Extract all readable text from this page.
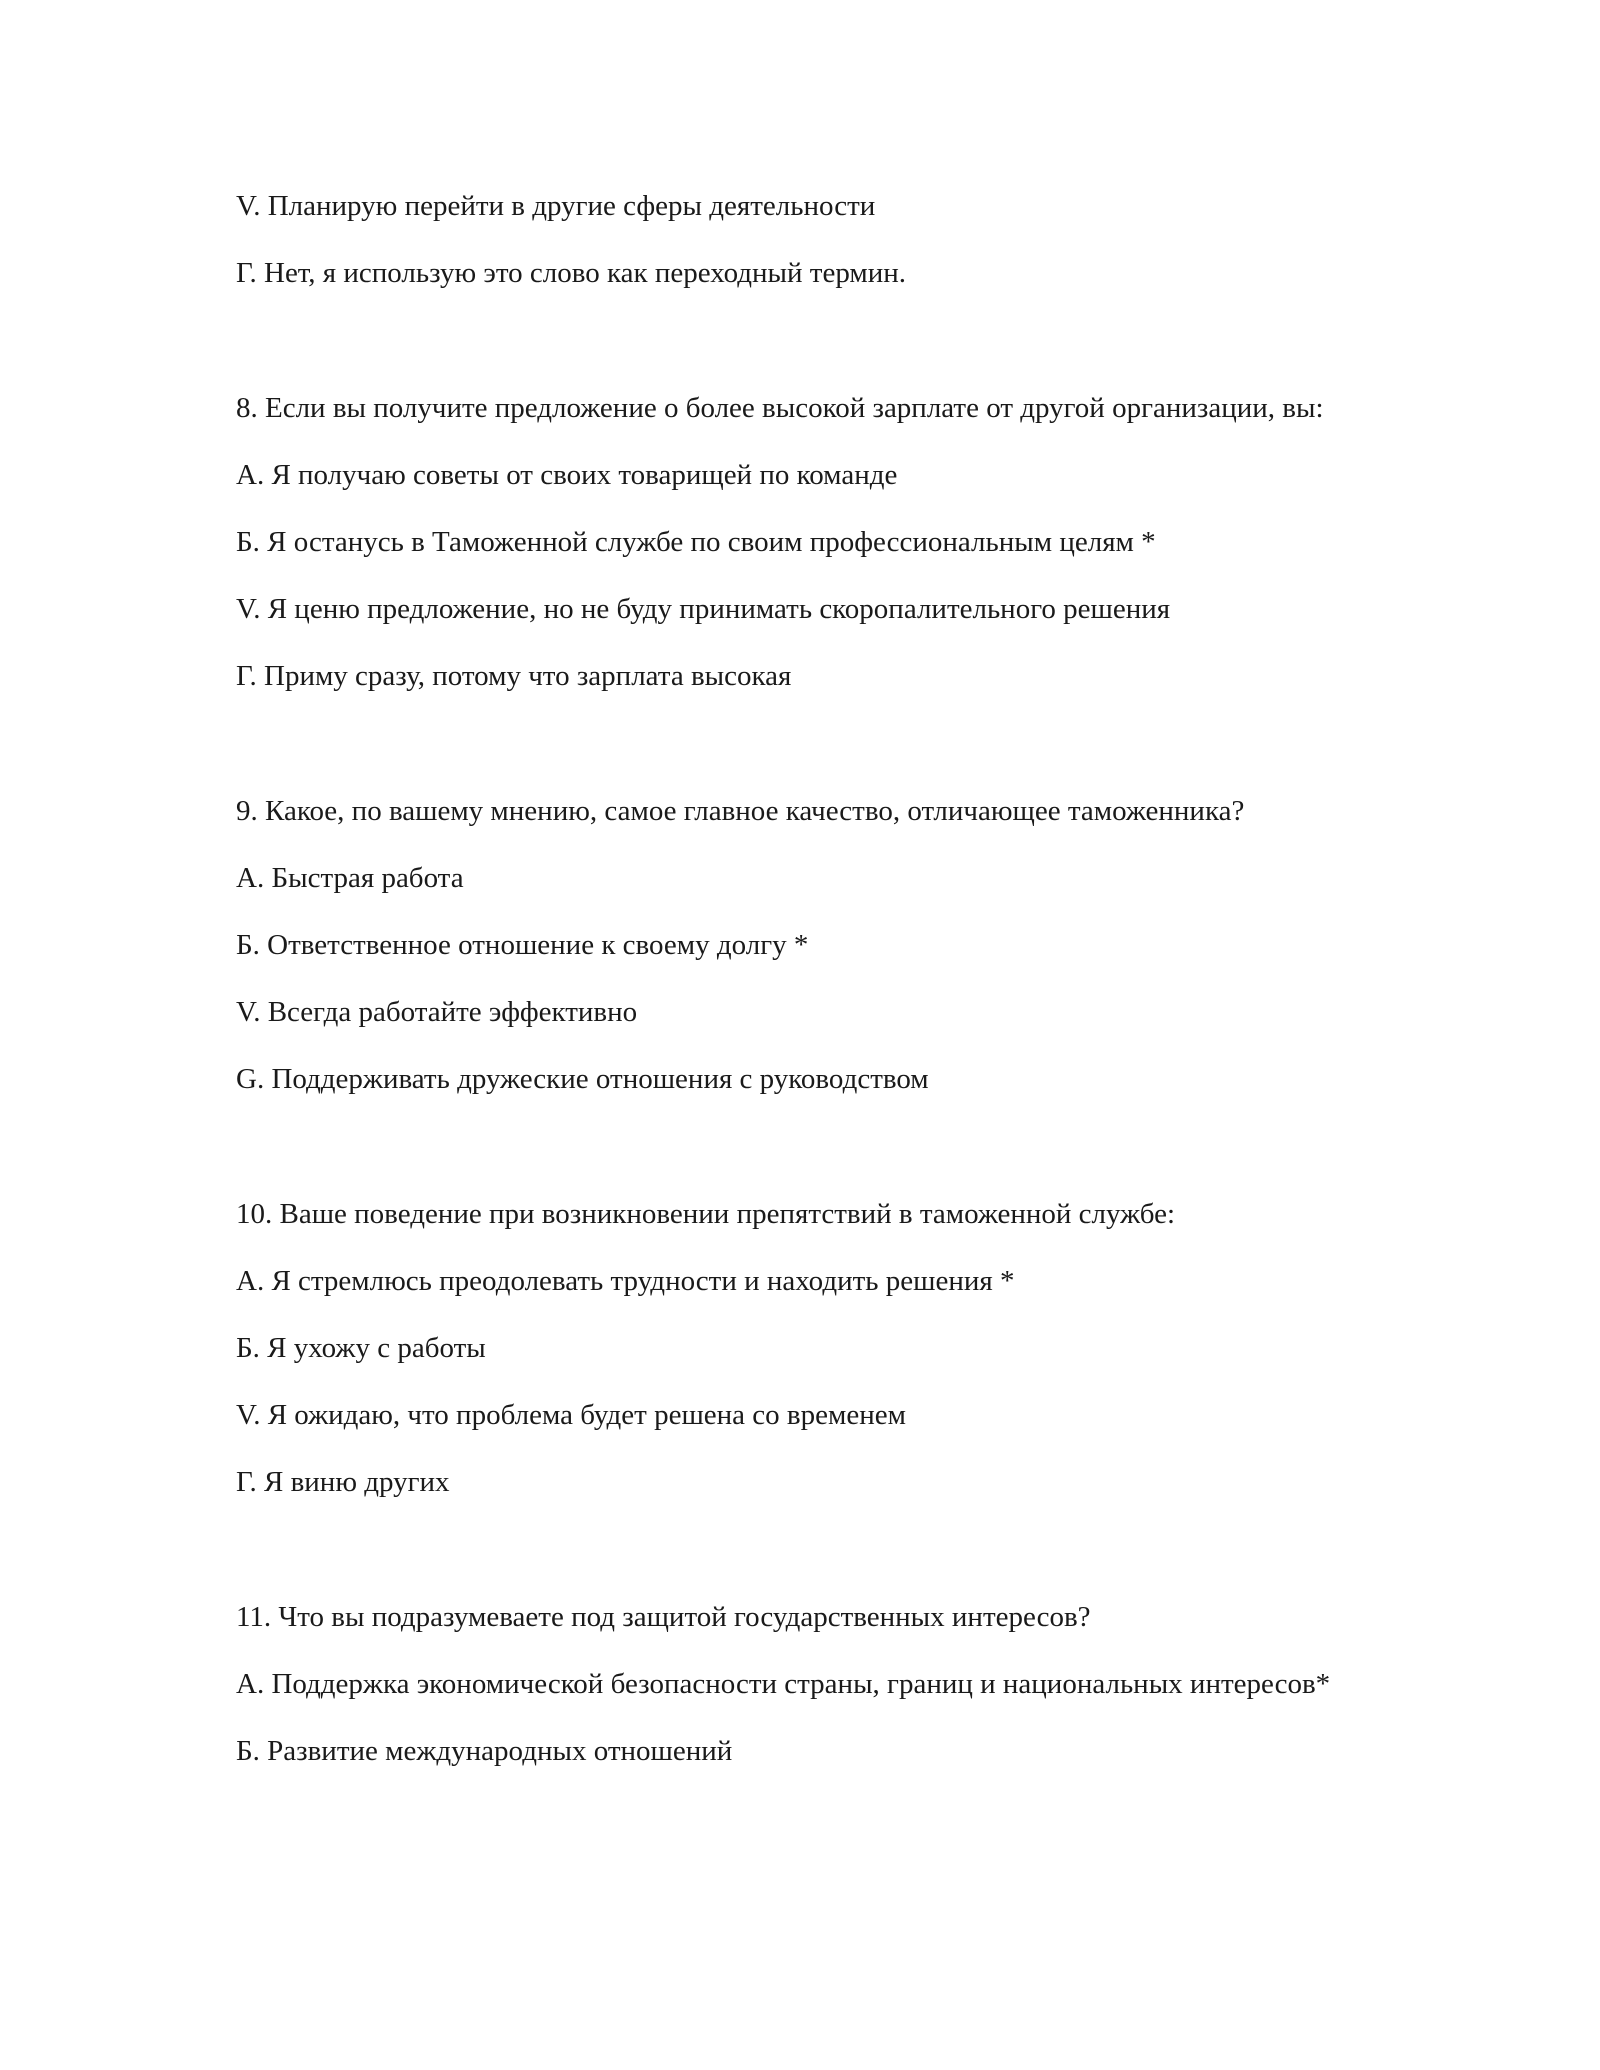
V. Планирую перейти в другие сферы деятельности

Г. Нет, я использую это слово как переходный термин.

8. Если вы получите предложение о более высокой зарплате от другой организации, вы:

А. Я получаю советы от своих товарищей по команде

Б. Я останусь в Таможенной службе по своим профессиональным целям *

V. Я ценю предложение, но не буду принимать скоропалительного решения

Г. Приму сразу, потому что зарплата высокая

9. Какое, по вашему мнению, самое главное качество, отличающее таможенника?

А. Быстрая работа

Б. Ответственное отношение к своему долгу *

V. Всегда работайте эффективно

G. Поддерживать дружеские отношения с руководством

10. Ваше поведение при возникновении препятствий в таможенной службе:

А. Я стремлюсь преодолевать трудности и находить решения *

Б. Я ухожу с работы

V. Я ожидаю, что проблема будет решена со временем

Г. Я виню других

11. Что вы подразумеваете под защитой государственных интересов?

А. Поддержка экономической безопасности страны, границ и национальных интересов*

Б. Развитие международных отношений
